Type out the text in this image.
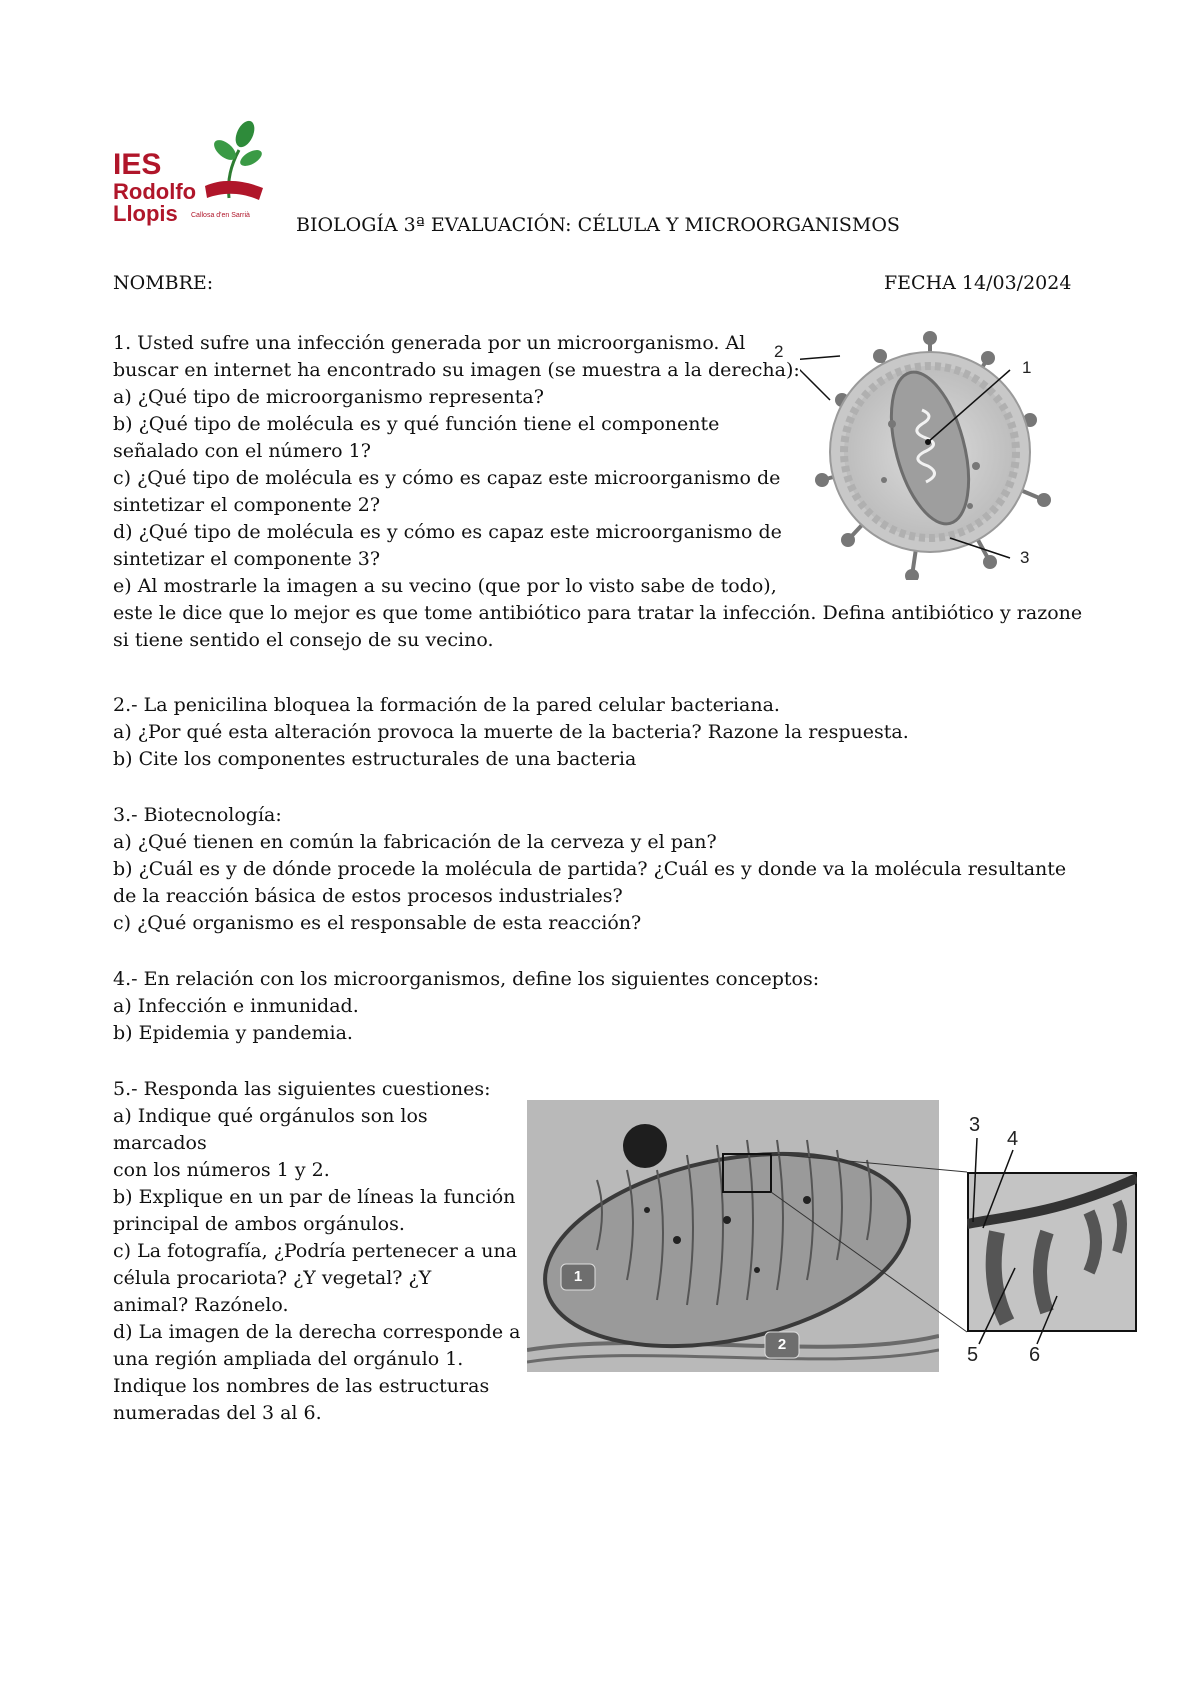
IES
Rodolfo
Llopis Callosa d'en Sarrià BIOLOGÍA 3ª EVALUACIÓN: CÉLULA Y MICROORGANISMOS
NOMBRE:	FECHA 14/03/2024
1. Usted sufre una infección generada por un microorganismo. Al
buscar en internet ha encontrado su imagen (se muestra a la derecha):
a) ¿Qué tipo de microorganismo representa?
b) ¿Qué tipo de molécula es y qué función tiene el componente
señalado con el número 1?
c) ¿Qué tipo de molécula es y cómo es capaz este microorganismo de
sintetizar el componente 2?
d) ¿Qué tipo de molécula es y cómo es capaz este microorganismo de
sintetizar el componente 3?
e) Al mostrarle la imagen a su vecino (que por lo visto sabe de todo),
este le dice que lo mejor es que tome antibiótico para tratar la infección. Defina antibiótico y razone
si tiene sentido el consejo de su vecino.
1
2
3
2.- La penicilina bloquea la formación de la pared celular bacteriana.
a) ¿Por qué esta alteración provoca la muerte de la bacteria? Razone la respuesta.
b) Cite los componentes estructurales de una bacteria
3.- Biotecnología:
a) ¿Qué tienen en común la fabricación de la cerveza y el pan?
b) ¿Cuál es y de dónde procede la molécula de partida? ¿Cuál es y donde va la molécula resultante
de la reacción básica de estos procesos industriales?
c) ¿Qué organismo es el responsable de esta reacción?
4.- En relación con los microorganismos, define los siguientes conceptos:
a) Infección e inmunidad.
b) Epidemia y pandemia.
5.- Responda las siguientes cuestiones:
a) Indique qué orgánulos son los
marcados
con los números 1 y 2.
b) Explique en un par de líneas la función
principal de ambos orgánulos.
c) La fotografía, ¿Podría pertenecer a una
célula procariota? ¿Y vegetal? ¿Y
animal? Razónelo.
d) La imagen de la derecha corresponde a
una región ampliada del orgánulo 1.
Indique los nombres de las estructuras
numeradas del 3 al 6.
1
2
3
4
5	6
